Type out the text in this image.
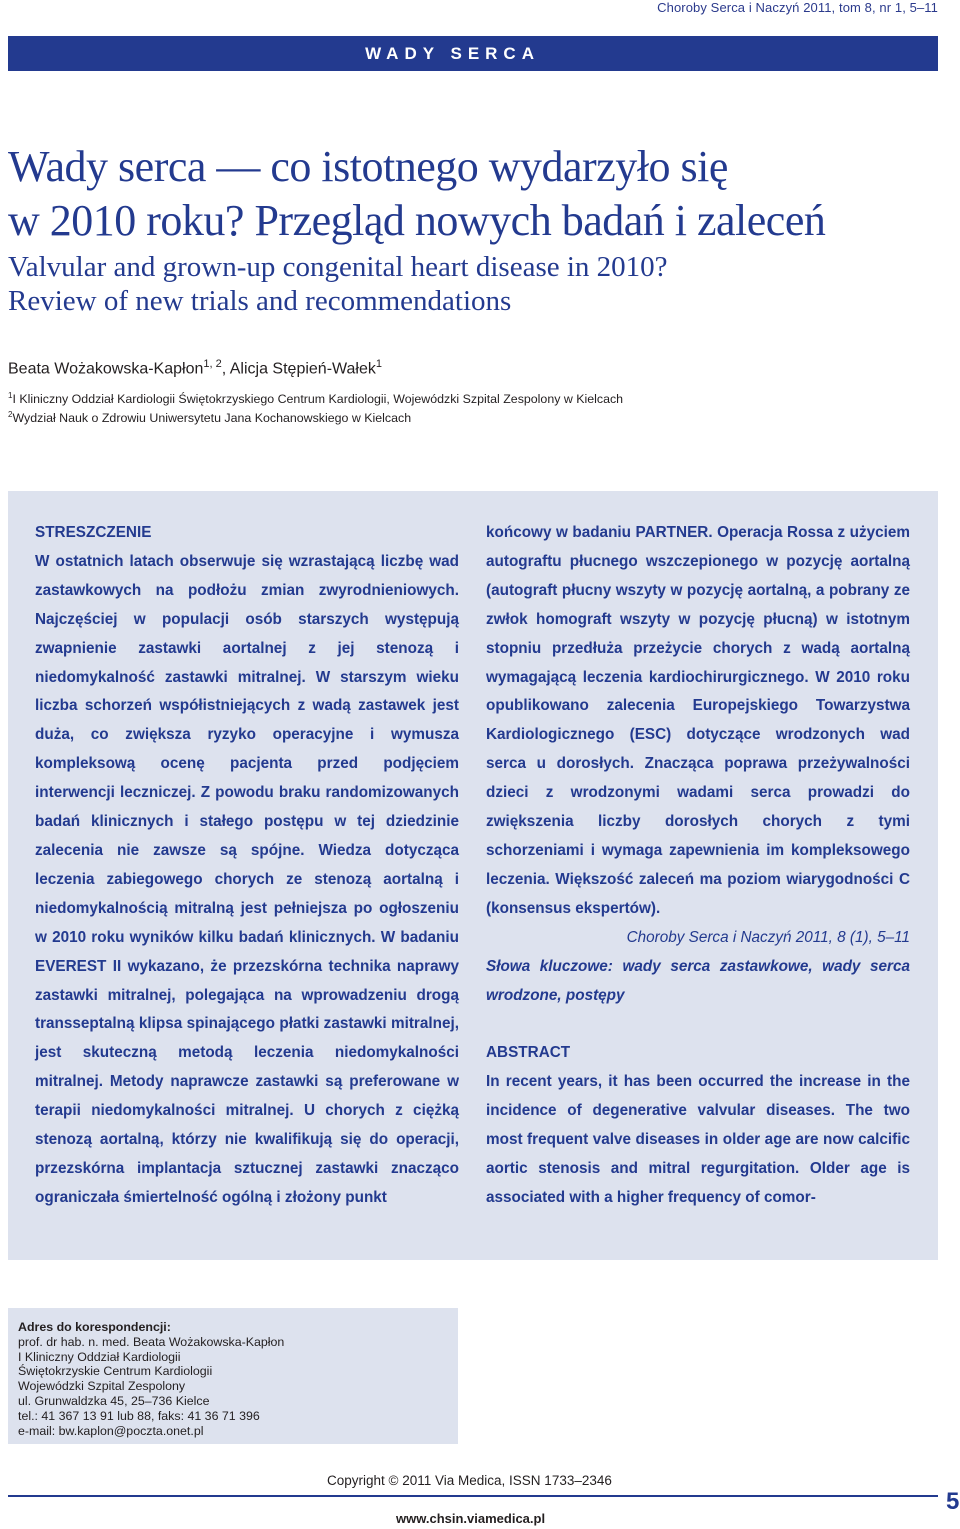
Choroby Serca i Naczyń 2011, tom 8, nr 1, 5–11
WADY SERCA
Wady serca — co istotnego wydarzyło się
w 2010 roku? Przegląd nowych badań i zaleceń
Valvular and grown-up congenital heart disease in 2010?
Review of new trials and recommendations
Beata Wożakowska-Kapłon$^{1, 2}$, Alicja Stępień-Wałek$^1$
$^1$I Kliniczny Oddział Kardiologii Świętokrzyskiego Centrum Kardiologii, Wojewódzki Szpital Zespolony w Kielcach
$^2$Wydział Nauk o Zdrowiu Uniwersytetu Jana Kochanowskiego w Kielcach

STRESZCZENIE

W ostatnich latach obserwuje się wzrastającą liczbę wad zastawkowych na podłożu zmian zwyrodnieniowych. Najczęściej w populacji osób starszych występują zwapnienie zastawki aortalnej z jej stenozą i niedomykalność zastawki mitralnej. W starszym wieku liczba schorzeń współistniejących z wadą zastawek jest duża, co zwiększa ryzyko operacyjne i wymusza kompleksową ocenę pacjenta przed podjęciem interwencji leczniczej. Z powodu braku randomizowanych badań klinicznych i stałego postępu w tej dziedzinie zalecenia nie zawsze są spójne. Wiedza dotycząca leczenia zabiegowego chorych ze stenozą aortalną i niedomykalnością mitralną jest pełniejsza po ogłoszeniu w 2010 roku wyników kilku badań klinicznych. W badaniu EVEREST II wykazano, że przezskórna technika naprawy zastawki mitralnej, polegająca na wprowadzeniu drogą transseptalną klipsa spinającego płatki zastawki mitralnej, jest skuteczną metodą leczenia niedomykalności mitralnej. Metody naprawcze zastawki są preferowane w terapii niedomykalności mitralnej. U chorych z ciężką stenozą aortalną, którzy nie kwalifikują się do operacji, przezskórna implantacja sztucznej zastawki znacząco ograniczała śmiertelność ogólną i złożony punkt

końcowy w badaniu PARTNER. Operacja Rossa z użyciem autograftu płucnego wszczepionego w pozycję aortalną (autograft płucny wszyty w pozycję aortalną, a pobrany ze zwłok homograft wszyty w pozycję płucną) w istotnym stopniu przedłuża przeżycie chorych z wadą aortalną wymagającą leczenia kardiochirurgicznego. W 2010 roku opublikowano zalecenia Europejskiego Towarzystwa Kardiologicznego (ESC) dotyczące wrodzonych wad serca u dorosłych. Znacząca poprawa przeżywalności dzieci z wrodzonymi wadami serca prowadzi do zwiększenia liczby dorosłych chorych z tymi schorzeniami i wymaga zapewnienia im kompleksowego leczenia. Większość zaleceń ma poziom wiarygodności C (konsensus ekspertów).

Choroby Serca i Naczyń 2011, 8 (1), 5–11

Słowa kluczowe: wady serca zastawkowe, wady serca wrodzone, postępy

ABSTRACT

In recent years, it has been occurred the increase in the incidence of degenerative valvular diseases. The two most frequent valve diseases in older age are now calcific aortic stenosis and mitral regurgitation. Older age is associated with a higher frequency of comor-

Adres do korespondencji:
prof. dr hab. n. med. Beata Wożakowska-Kapłon
I Kliniczny Oddział Kardiologii
Świętokrzyskie Centrum Kardiologii
Wojewódzki Szpital Zespolony
ul. Grunwaldzka 45, 25–736 Kielce
tel.: 41 367 13 91 lub 88, faks: 41 36 71 396
e-mail: bw.kaplon@poczta.onet.pl
Copyright © 2011 Via Medica, ISSN 1733–2346
www.chsin.viamedica.pl
5
